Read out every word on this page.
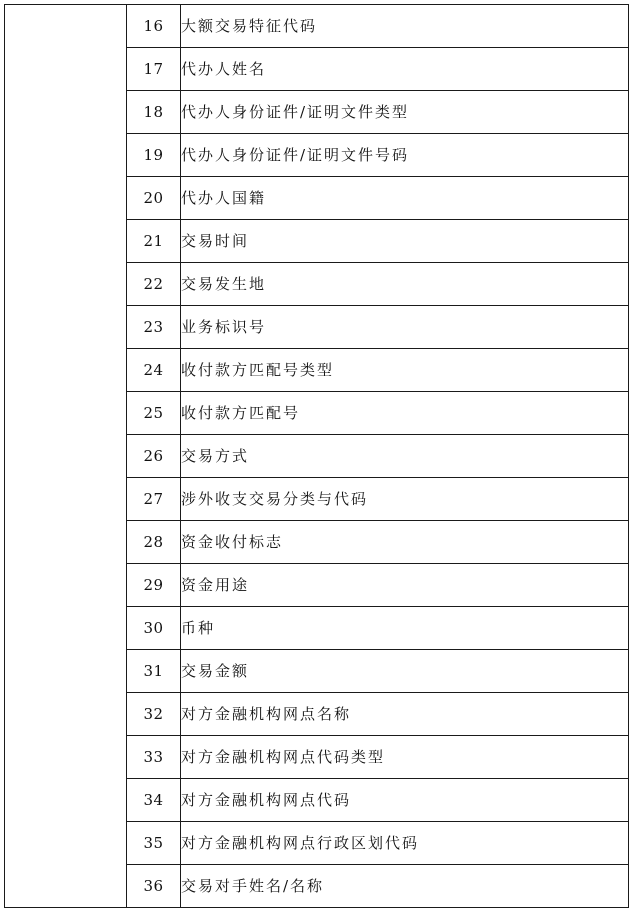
	16	大额交易特征代码
	17	代办人姓名
	18	代办人身份证件/证明文件类型
	19	代办人身份证件/证明文件号码
	20	代办人国籍
	21	交易时间
	22	交易发生地
	23	业务标识号
	24	收付款方匹配号类型
	25	收付款方匹配号
	26	交易方式
	27	涉外收支交易分类与代码
	28	资金收付标志
	29	资金用途
	30	币种
	31	交易金额
	32	对方金融机构网点名称
	33	对方金融机构网点代码类型
	34	对方金融机构网点代码
	35	对方金融机构网点行政区划代码
	36	交易对手姓名/名称
